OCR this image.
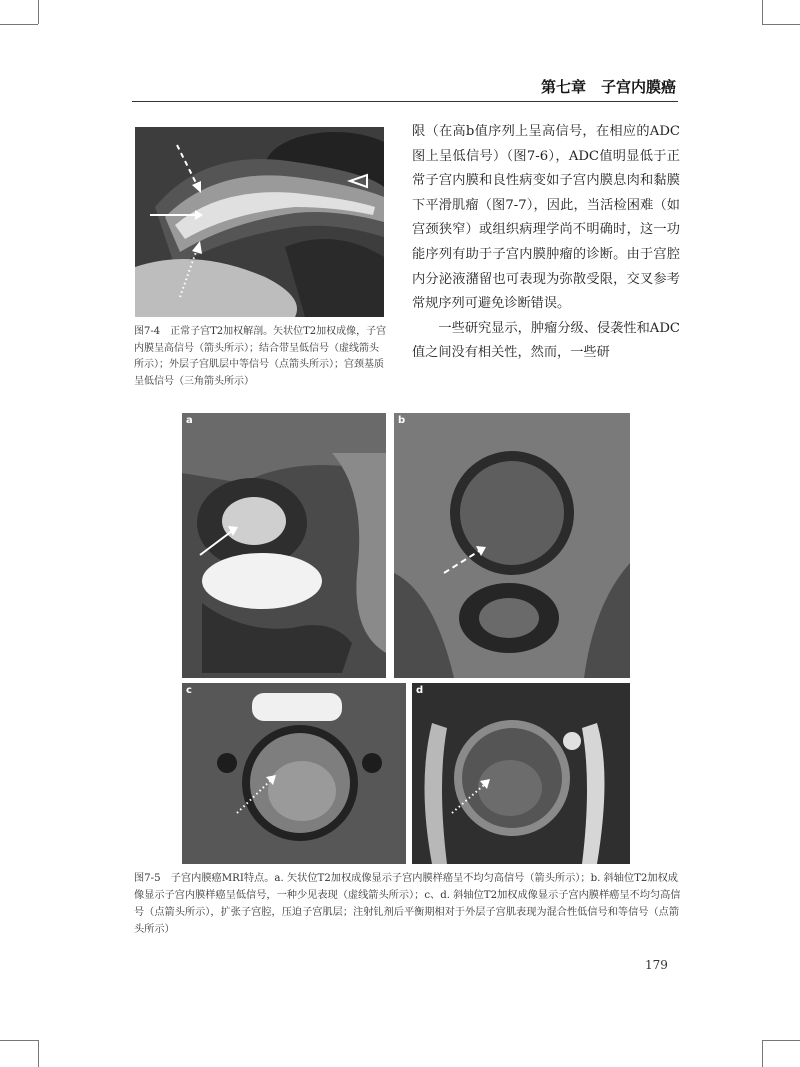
第七章　子宫内膜癌
图7-4　正常子宫T2加权解剖。矢状位T2加权成像，子宫内膜呈高信号（箭头所示）；结合带呈低信号（虚线箭头所示）；外层子宫肌层中等信号（点箭头所示）；宫颈基质呈低信号（三角箭头所示）

限（在高b值序列上呈高信号，在相应的ADC图上呈低信号）（图7-6），ADC值明显低于正常子宫内膜和良性病变如子宫内膜息肉和黏膜下平滑肌瘤（图7-7），因此，当活检困难（如宫颈狭窄）或组织病理学尚不明确时，这一功能序列有助于子宫内膜肿瘤的诊断。由于宫腔内分泌液潴留也可表现为弥散受限，交叉参考常规序列可避免诊断错误。

一些研究显示，肿瘤分级、侵袭性和ADC值之间没有相关性，然而，一些研

a	b
c	d
图7-5　子宫内膜癌MRI特点。a. 矢状位T2加权成像显示子宫内膜样癌呈不均匀高信号（箭头所示）；b. 斜轴位T2加权成像显示子宫内膜样癌呈低信号，一种少见表现（虚线箭头所示）；c、d. 斜轴位T2加权成像显示子宫内膜样癌呈不均匀高信号（点箭头所示），扩张子宫腔，压迫子宫肌层；注射钆剂后平衡期相对于外层子宫肌表现为混合性低信号和等信号（点箭头所示）
179
